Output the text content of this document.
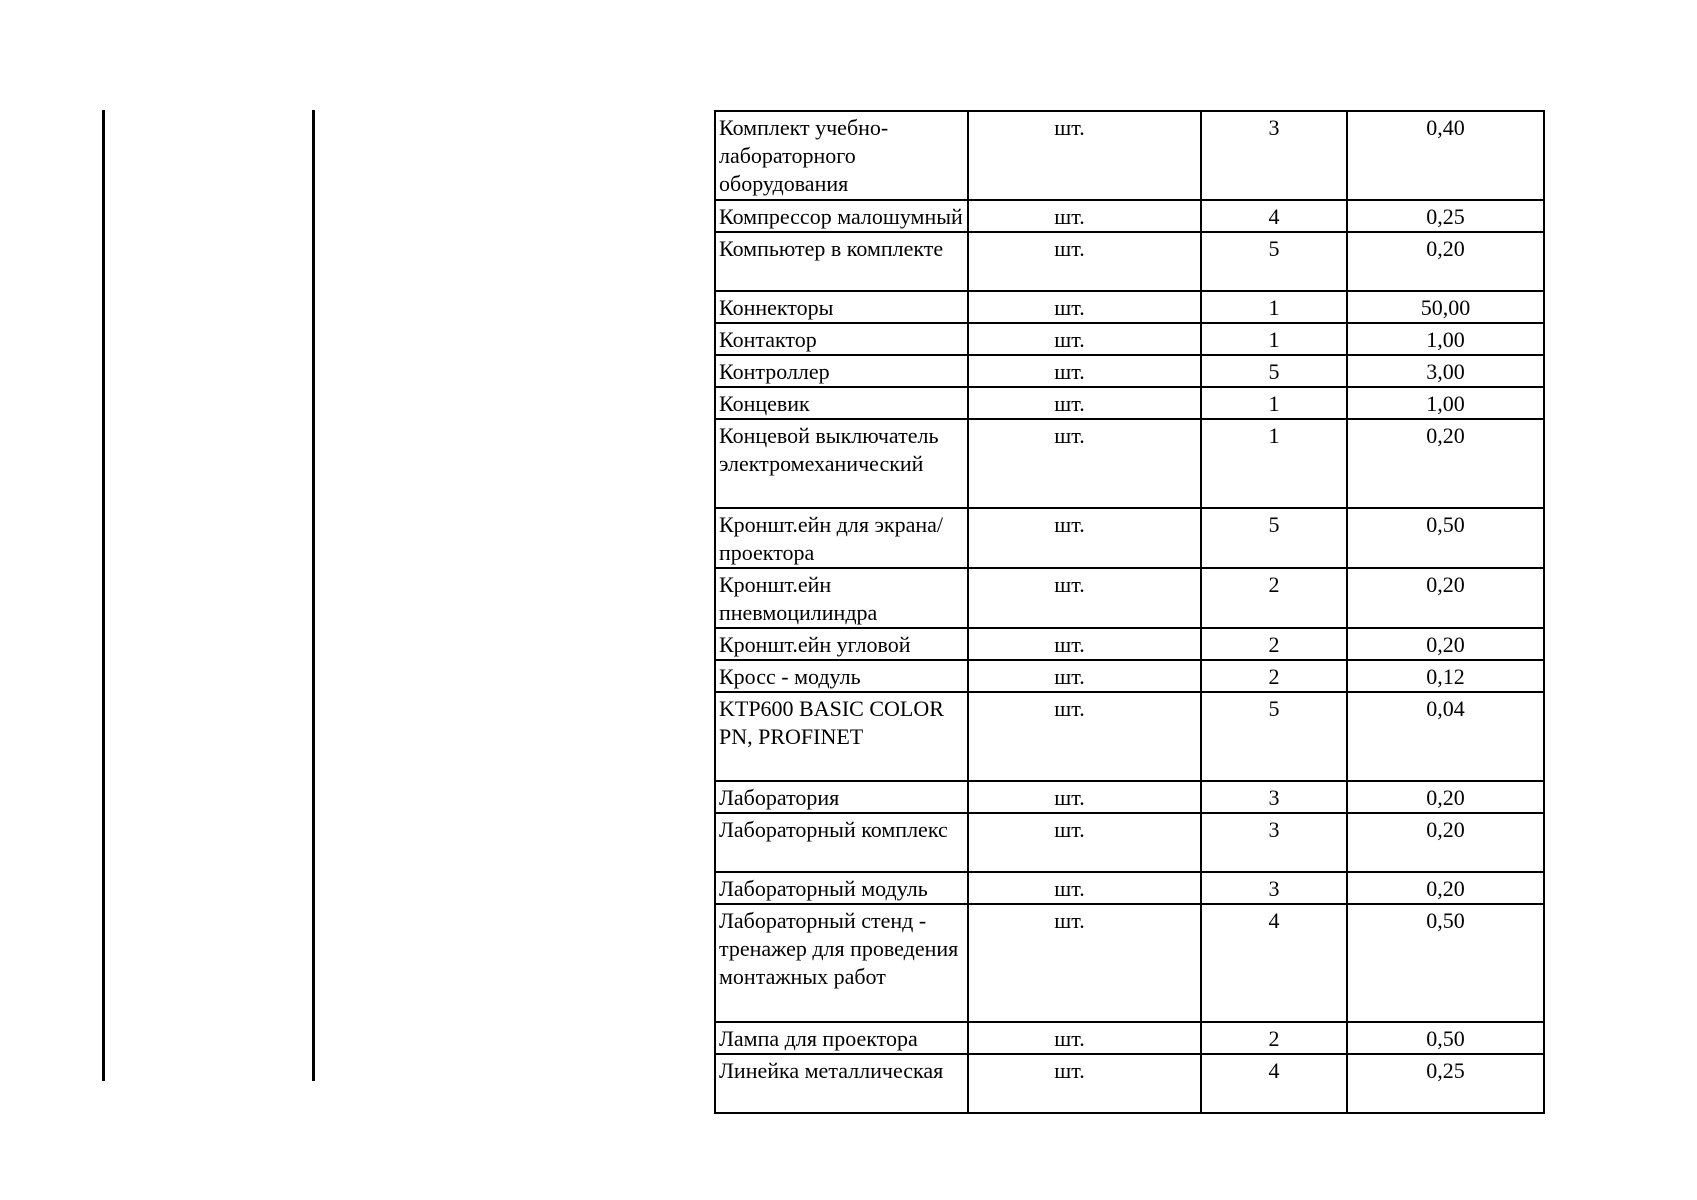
Комплект учебно-лабораторного оборудования	шт.	3	0,40
Компрессор малошумный	шт.	4	0,25
Компьютер в комплекте	шт.	5	0,20
Коннекторы	шт.	1	50,00
Контактор	шт.	1	1,00
Контроллер	шт.	5	3,00
Концевик	шт.	1	1,00
Концевой выключатель электромеханический	шт.	1	0,20
Кроншт.ейн для экрана/ проектора	шт.	5	0,50
Кроншт.ейн пневмоцилиндра	шт.	2	0,20
Кроншт.ейн угловой	шт.	2	0,20
Кросс - модуль	шт.	2	0,12
KTP600 BASIC COLOR PN, PROFINET	шт.	5	0,04
Лаборатория	шт.	3	0,20
Лабораторный комплекс	шт.	3	0,20
Лабораторный модуль	шт.	3	0,20
Лабораторный стенд - тренажер для проведения монтажных работ	шт.	4	0,50
Лампа для проектора	шт.	2	0,50
Линейка металлическая	шт.	4	0,25
